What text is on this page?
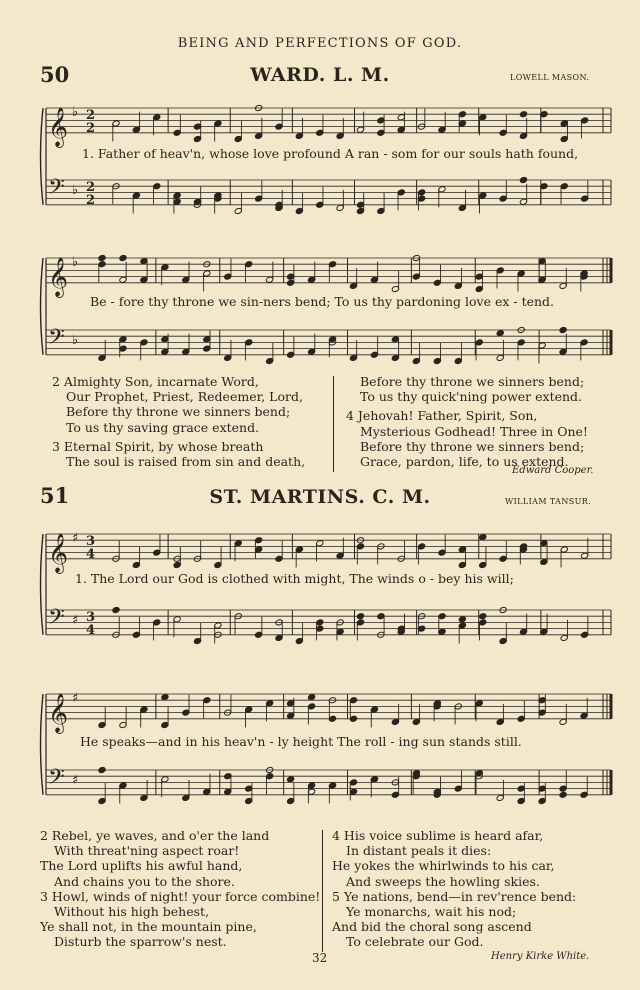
BEING AND PERFECTIONS OF GOD.
50	WARD. L. M.	LOWELL MASON.
𝄞 ♭ 2
2
𝄢 ♭ 2
2
1. Father of heav'n, whose love profound A ran - som for our souls hath found,
𝄞 ♭
𝄢 ♭
Be - fore thy throne we sin-ners bend; To us thy pardoning love ex - tend.
2 Almighty Son, incarnate Word,
Our Prophet, Priest, Redeemer, Lord,
Before thy throne we sinners bend;
To us thy saving grace extend.
3 Eternal Spirit, by whose breath
The soul is raised from sin and death,
Before thy throne we sinners bend;
To us thy quick'ning power extend.
4 Jehovah! Father, Spirit, Son,
Mysterious Godhead! Three in One!
Before thy throne we sinners bend;
Grace, pardon, life, to us extend.
Edward Cooper.
51	ST. MARTINS. C. M.	WILLIAM TANSUR.
𝄞 ♯ 3
4
𝄢 ♯ 3
4
1. The Lord our God is clothed with might, The winds o - bey his will;
𝄞 ♯
𝄢 ♯
He speaks—and in his heav'n - ly height The roll - ing sun stands still.
2 Rebel, ye waves, and o'er the land
With threat'ning aspect roar!
The Lord uplifts his awful hand,
And chains you to the shore.
3 Howl, winds of night! your force combine!
Without his high behest,
Ye shall not, in the mountain pine,
Disturb the sparrow's nest.
4 His voice sublime is heard afar,
In distant peals it dies:
He yokes the whirlwinds to his car,
And sweeps the howling skies.
5 Ye nations, bend—in rev'rence bend:
Ye monarchs, wait his nod;
And bid the choral song ascend
To celebrate our God.
32	Henry Kirke White.
